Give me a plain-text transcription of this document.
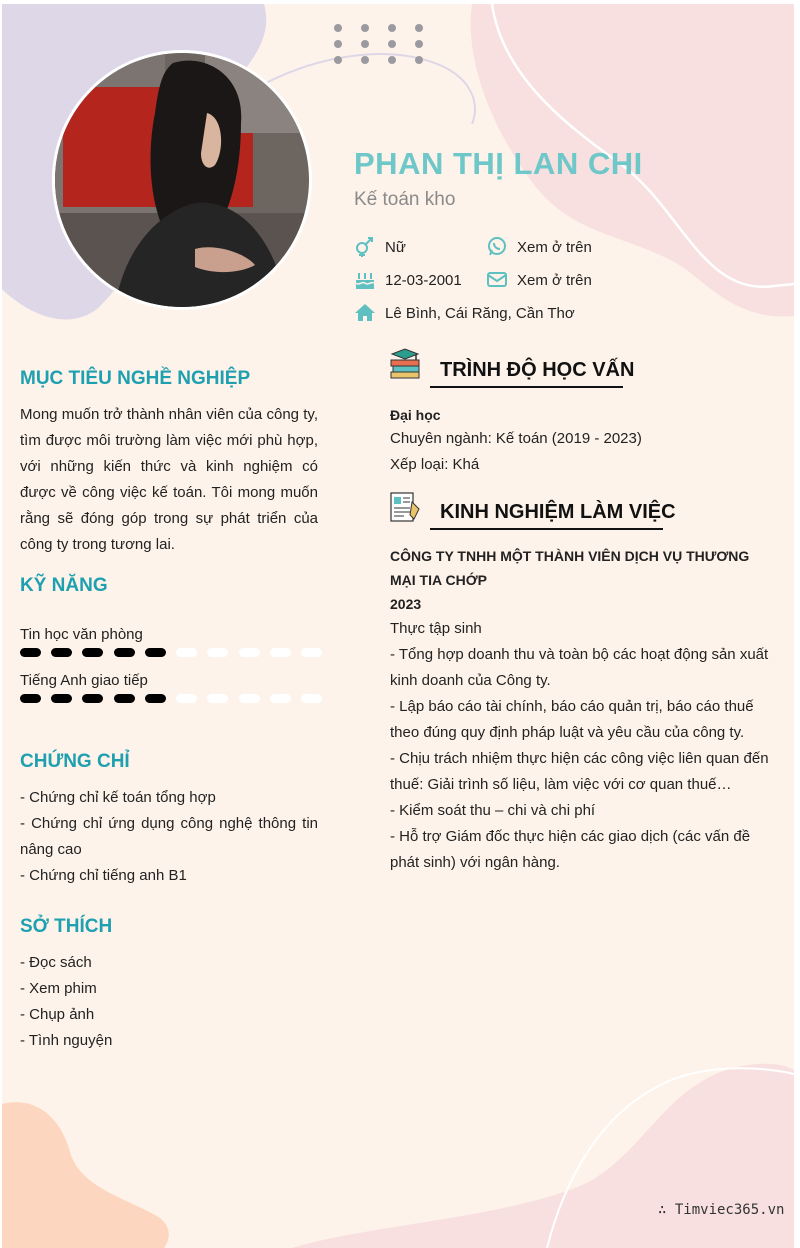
PHAN THỊ LAN CHI
Kế toán kho
Nữ	Xem ở trên
12-03-2001	Xem ở trên
Lê Bình, Cái Răng, Cần Thơ
MỤC TIÊU NGHỀ NGHIỆP
Mong muốn trở thành nhân viên của công ty, tìm được môi trường làm việc mới phù hợp, với những kiến thức và kinh nghiệm có được về công việc kế toán. Tôi mong muốn rằng sẽ đóng góp trong sự phát triển của công ty trong tương lai.
KỸ NĂNG
Tin học văn phòng
Tiếng Anh giao tiếp
CHỨNG CHỈ
- Chứng chỉ kế toán tổng hợp
- Chứng chỉ ứng dụng công nghệ thông tin nâng cao
- Chứng chỉ tiếng anh B1
SỞ THÍCH
- Đọc sách
- Xem phim
- Chụp ảnh
- Tình nguyện
TRÌNH ĐỘ HỌC VẤN
Đại học
Chuyên ngành: Kế toán (2019 - 2023)
Xếp loại: Khá
KINH NGHIỆM LÀM VIỆC
CÔNG TY TNHH MỘT THÀNH VIÊN DỊCH VỤ THƯƠNG MẠI TIA CHỚP
2023
Thực tập sinh
- Tổng hợp doanh thu và toàn bộ các hoạt động sản xuất kinh doanh của Công ty.
- Lập báo cáo tài chính, báo cáo quản trị, báo cáo thuế theo đúng quy định pháp luật và yêu cầu của công ty.
- Chịu trách nhiệm thực hiện các công việc liên quan đến thuế: Giải trình số liệu, làm việc với cơ quan thuế…
- Kiểm soát thu – chi và chi phí
- Hỗ trợ Giám đốc thực hiện các giao dịch (các vấn đề phát sinh) với ngân hàng.
∴ Timviec365.vn
